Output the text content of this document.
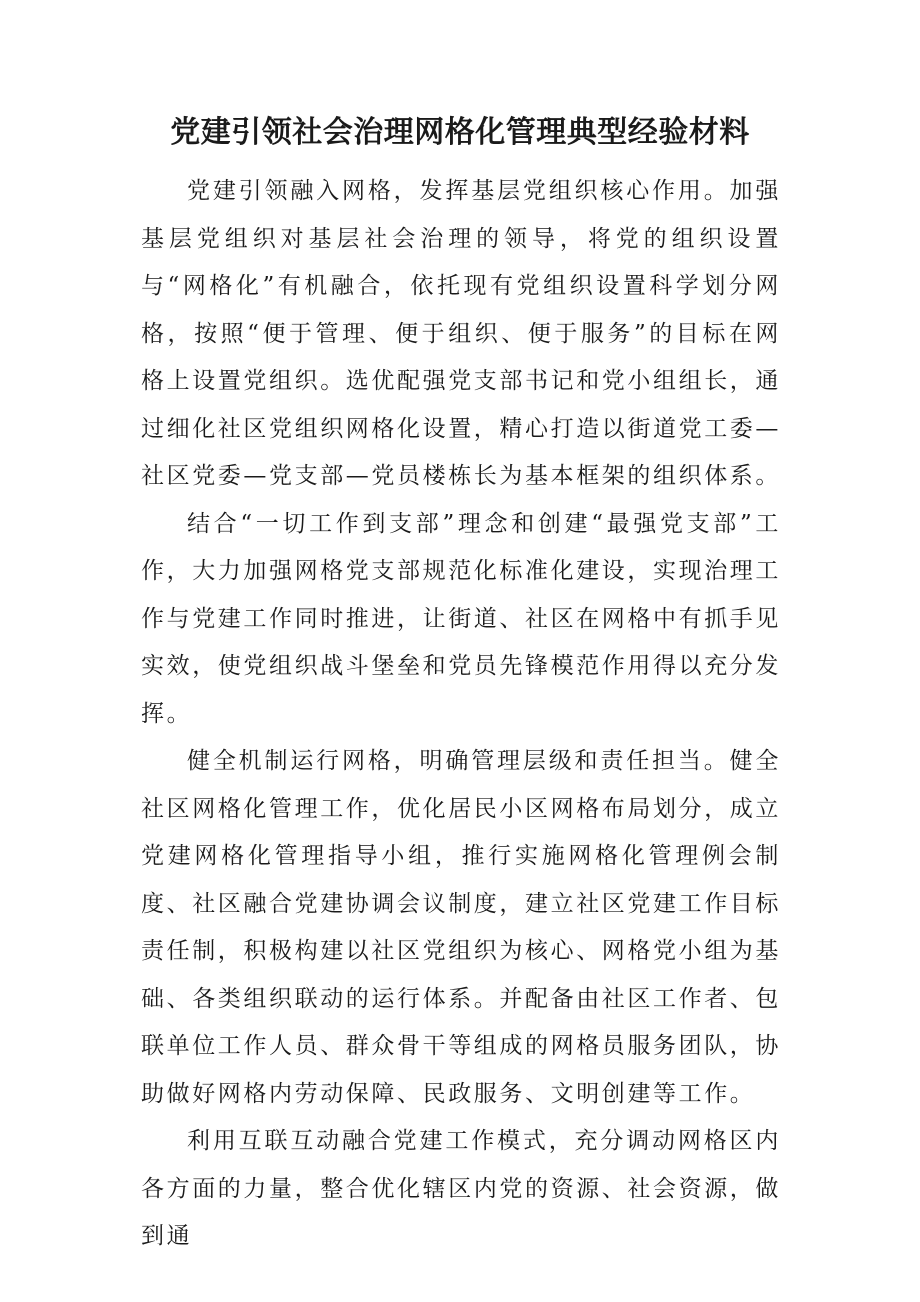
党建引领社会治理网格化管理典型经验材料

党建引领融入网格，发挥基层党组织核心作用。加强基层党组织对基层社会治理的领导，将党的组织设置与“网格化”有机融合，依托现有党组织设置科学划分网格，按照“便于管理、便于组织、便于服务”的目标在网格上设置党组织。选优配强党支部书记和党小组组长，通过细化社区党组织网格化设置，精心打造以街道党工委—社区党委—党支部—党员楼栋长为基本框架的组织体系。

结合“一切工作到支部”理念和创建“最强党支部”工作，大力加强网格党支部规范化标准化建设，实现治理工作与党建工作同时推进，让街道、社区在网格中有抓手见实效，使党组织战斗堡垒和党员先锋模范作用得以充分发挥。

健全机制运行网格，明确管理层级和责任担当。健全社区网格化管理工作，优化居民小区网格布局划分，成立党建网格化管理指导小组，推行实施网格化管理例会制度、社区融合党建协调会议制度，建立社区党建工作目标责任制，积极构建以社区党组织为核心、网格党小组为基础、各类组织联动的运行体系。并配备由社区工作者、包联单位工作人员、群众骨干等组成的网格员服务团队，协助做好网格内劳动保障、民政服务、文明创建等工作。

利用互联互动融合党建工作模式，充分调动网格区内各方面的力量，整合优化辖区内党的资源、社会资源，做到通
